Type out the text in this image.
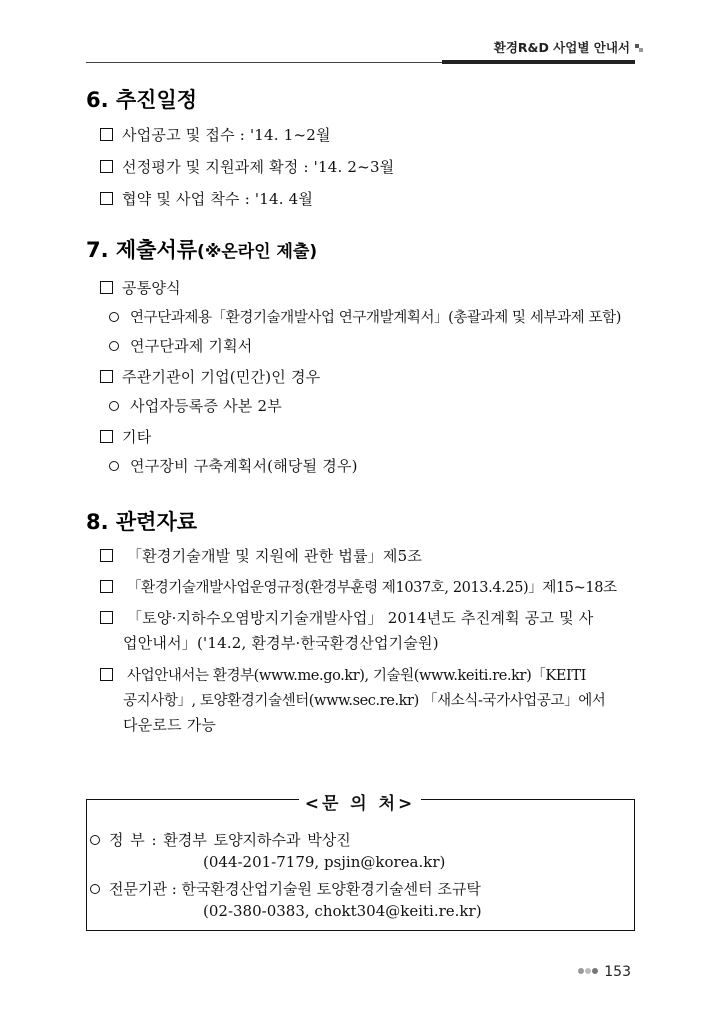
환경R&D 사업별 안내서
6. 추진일정
사업공고 및 접수 : '14. 1~2월
선정평가 및 지원과제 확정 : '14. 2~3월
협약 및 사업 착수 : '14. 4월
7. 제출서류(※온라인 제출)
공통양식
연구단과제용「환경기술개발사업 연구개발계획서」(총괄과제 및 세부과제 포함)
연구단과제 기획서
주관기관이 기업(민간)인 경우
사업자등록증 사본 2부
기타
연구장비 구축계획서(해당될 경우)
8. 관련자료
「환경기술개발 및 지원에 관한 법률」제5조
「환경기술개발사업운영규정(환경부훈령 제1037호, 2013.4.25)」제15~18조
「토양·지하수오염방지기술개발사업」 2014년도 추진계획 공고 및 사
업안내서」('14.2, 환경부·한국환경산업기술원)
사업안내서는 환경부(www.me.go.kr), 기술원(www.keiti.re.kr)「KEITI
공지사항」, 토양환경기술센터(www.sec.re.kr) 「새소식-국가사업공고」에서
다운로드 가능
<문 의 처>
정 부 : 환경부 토양지하수과 박상진
(044-201-7179, psjin@korea.kr)
전문기관 : 한국환경산업기술원 토양환경기술센터 조규탁
(02-380-0383, chokt304@keiti.re.kr)
153
